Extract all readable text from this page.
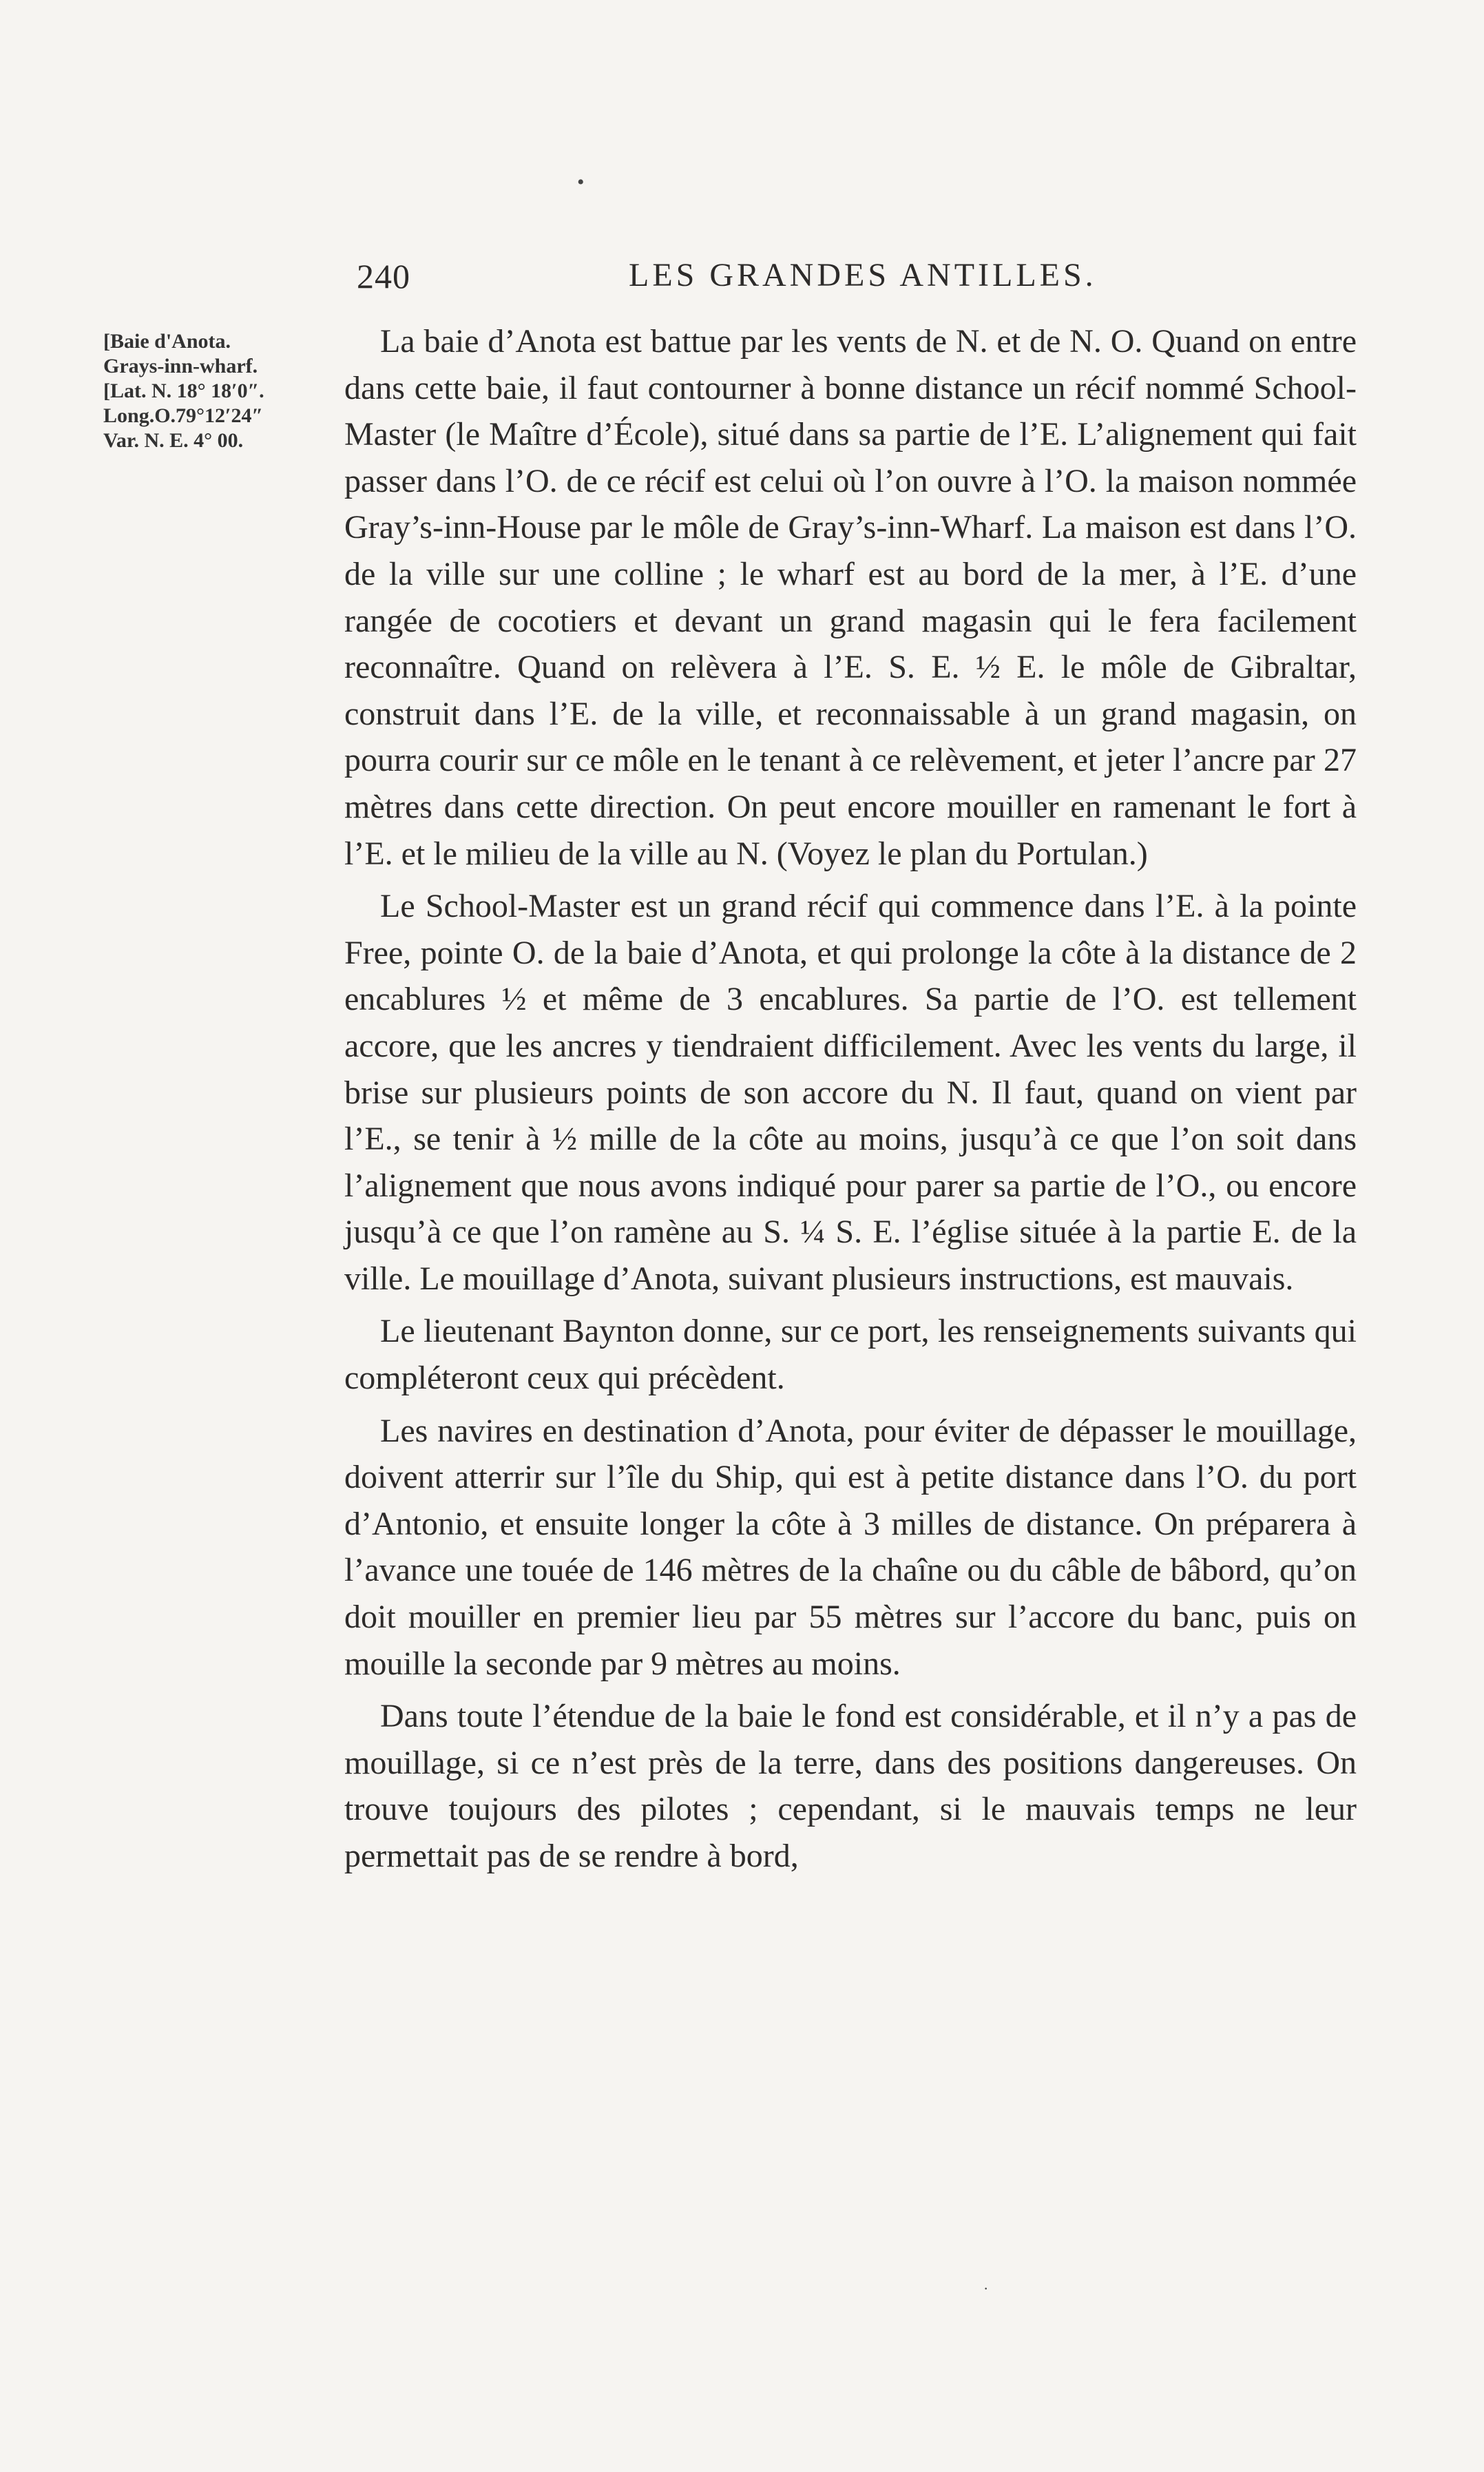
•
240	LES GRANDES ANTILLES.
[Baie d'Anota.
Grays-inn-wharf.
[Lat. N. 18° 18′0″.
Long.O.79°12′24″
Var. N. E. 4° 00.

La baie d’Anota est battue par les vents de N. et de N. O. Quand on entre dans cette baie, il faut contourner à bonne distance un récif nommé School-Master (le Maître d’École), situé dans sa partie de l’E. L’alignement qui fait passer dans l’O. de ce récif est celui où l’on ouvre à l’O. la maison nommée Gray’s-inn-House par le môle de Gray’s-inn-Wharf. La maison est dans l’O. de la ville sur une colline ; le wharf est au bord de la mer, à l’E. d’une rangée de cocotiers et devant un grand magasin qui le fera facilement reconnaître. Quand on relèvera à l’E. S. E. ½ E. le môle de Gibraltar, construit dans l’E. de la ville, et reconnaissable à un grand magasin, on pourra courir sur ce môle en le tenant à ce relèvement, et jeter l’ancre par 27 mètres dans cette direction. On peut encore mouiller en ramenant le fort à l’E. et le milieu de la ville au N. (Voyez le plan du Portulan.)

Le School-Master est un grand récif qui commence dans l’E. à la pointe Free, pointe O. de la baie d’Anota, et qui prolonge la côte à la distance de 2 encablures ½ et même de 3 encablures. Sa partie de l’O. est tellement accore, que les ancres y tiendraient difficilement. Avec les vents du large, il brise sur plusieurs points de son accore du N. Il faut, quand on vient par l’E., se tenir à ½ mille de la côte au moins, jusqu’à ce que l’on soit dans l’alignement que nous avons indiqué pour parer sa partie de l’O., ou encore jusqu’à ce que l’on ramène au S. ¼ S. E. l’église située à la partie E. de la ville. Le mouillage d’Anota, suivant plusieurs instructions, est mauvais.

Le lieutenant Baynton donne, sur ce port, les renseignements suivants qui compléteront ceux qui précèdent.

Les navires en destination d’Anota, pour éviter de dépasser le mouillage, doivent atterrir sur l’île du Ship, qui est à petite distance dans l’O. du port d’Antonio, et ensuite longer la côte à 3 milles de distance. On préparera à l’avance une touée de 146 mètres de la chaîne ou du câble de bâbord, qu’on doit mouiller en premier lieu par 55 mètres sur l’accore du banc, puis on mouille la seconde par 9 mètres au moins.

Dans toute l’étendue de la baie le fond est considérable, et il n’y a pas de mouillage, si ce n’est près de la terre, dans des positions dangereuses. On trouve toujours des pilotes ; cependant, si le mauvais temps ne leur permettait pas de se rendre à bord,

·
